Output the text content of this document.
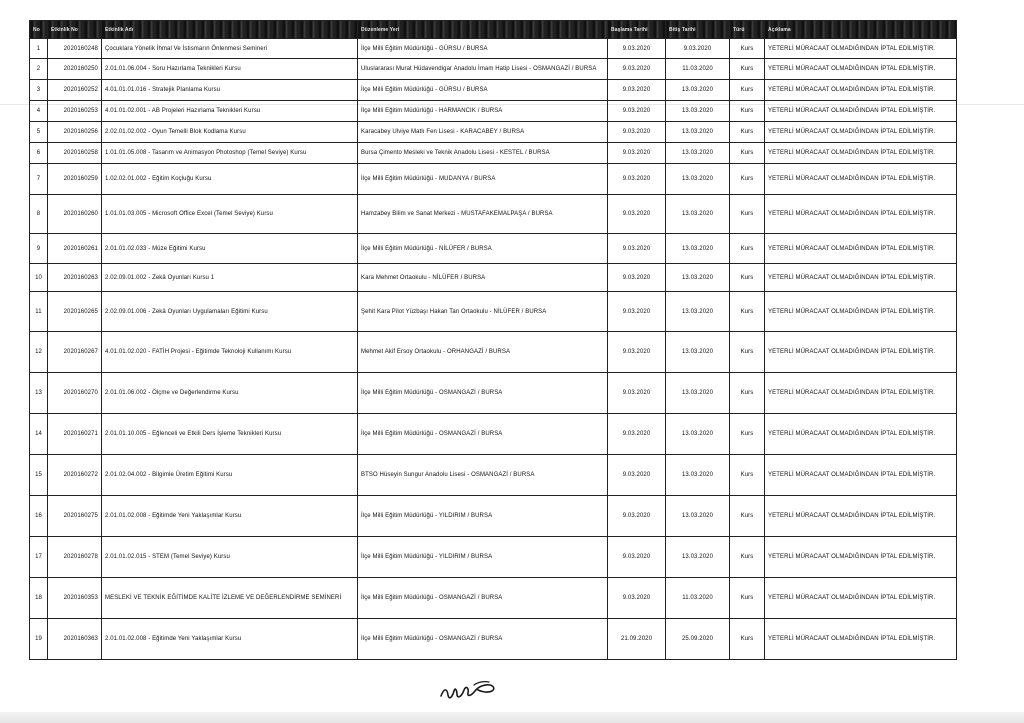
No	Etkinlik No	Etkinlik Adı	Düzenleme Yeri	Başlama Tarihi	Bitiş Tarihi	Türü	Açıklama
1	2020160248	Çocuklara Yönelik İhmal Ve İstismarın Önlenmesi Semineri	İlçe Milli Eğitim Müdürlüğü - GÜRSU / BURSA	9.03.2020	9.03.2020	Kurs	YETERLİ MÜRACAAT OLMADIĞINDAN İPTAL EDİLMİŞTİR.
2	2020160250	2.01.01.06.004 - Soru Hazırlama Teknikleri Kursu	Uluslararası Murat Hüdavendigar Anadolu İmam Hatip Lisesi - OSMANGAZİ / BURSA	9.03.2020	11.03.2020	Kurs	YETERLİ MÜRACAAT OLMADIĞINDAN İPTAL EDİLMİŞTİR.
3	2020160252	4.01.01.01.016 - Stratejik Planlama Kursu	İlçe Milli Eğitim Müdürlüğü - GÜRSU / BURSA	9.03.2020	13.03.2020	Kurs	YETERLİ MÜRACAAT OLMADIĞINDAN İPTAL EDİLMİŞTİR.
4	2020160253	4.01.01.02.001 - AB Projeleri Hazırlama Teknikleri Kursu	İlçe Milli Eğitim Müdürlüğü - HARMANCIK / BURSA	9.03.2020	13.03.2020	Kurs	YETERLİ MÜRACAAT OLMADIĞINDAN İPTAL EDİLMİŞTİR.
5	2020160256	2.02.01.02.002 - Oyun Temelli Blok Kodlama Kursu	Karacabey Ulviye Matlı Fen Lisesi - KARACABEY / BURSA	9.03.2020	13.03.2020	Kurs	YETERLİ MÜRACAAT OLMADIĞINDAN İPTAL EDİLMİŞTİR.
6	2020160258	1.01.01.05.008 - Tasarım ve Animasyon Photoshop (Temel Seviye) Kursu	Bursa Çimento Mesleki ve Teknik Anadolu Lisesi - KESTEL / BURSA	9.03.2020	13.03.2020	Kurs	YETERLİ MÜRACAAT OLMADIĞINDAN İPTAL EDİLMİŞTİR.
7	2020160259	1.02.02.01.002 - Eğitim Koçluğu Kursu	İlçe Milli Eğitim Müdürlüğü - MUDANYA / BURSA	9.03.2020	13.03.2020	Kurs	YETERLİ MÜRACAAT OLMADIĞINDAN İPTAL EDİLMİŞTİR.
8	2020160260	1.01.01.03.005 - Microsoft Office Excel (Temel Seviye) Kursu	Hamzabey Bilim ve Sanat Merkezi - MUSTAFAKEMALPAŞA / BURSA	9.03.2020	13.03.2020	Kurs	YETERLİ MÜRACAAT OLMADIĞINDAN İPTAL EDİLMİŞTİR.
9	2020160261	2.01.01.02.033 - Müze Eğitimi Kursu	İlçe Milli Eğitim Müdürlüğü - NİLÜFER / BURSA	9.03.2020	13.03.2020	Kurs	YETERLİ MÜRACAAT OLMADIĞINDAN İPTAL EDİLMİŞTİR.
10	2020160263	2.02.09.01.002 - Zekâ Oyunları Kursu 1	Kara Mehmet Ortaokulu - NİLÜFER / BURSA	9.03.2020	13.03.2020	Kurs	YETERLİ MÜRACAAT OLMADIĞINDAN İPTAL EDİLMİŞTİR.
11	2020160265	2.02.09.01.006 - Zekâ Oyunları Uygulamaları Eğitimi Kursu	Şehit Kara Pilot Yüzbaşı Hakan Tan Ortaokulu - NİLÜFER / BURSA	9.03.2020	13.03.2020	Kurs	YETERLİ MÜRACAAT OLMADIĞINDAN İPTAL EDİLMİŞTİR.
12	2020160267	4.01.01.02.020 - FATİH Projesi - Eğitimde Teknoloji Kullanımı Kursu	Mehmet Akif Ersoy Ortaokulu - ORHANGAZİ / BURSA	9.03.2020	13.03.2020	Kurs	YETERLİ MÜRACAAT OLMADIĞINDAN İPTAL EDİLMİŞTİR.
13	2020160270	2.01.01.06.002 - Ölçme ve Değerlendirme Kursu	İlçe Milli Eğitim Müdürlüğü - OSMANGAZİ / BURSA	9.03.2020	13.03.2020	Kurs	YETERLİ MÜRACAAT OLMADIĞINDAN İPTAL EDİLMİŞTİR.
14	2020160271	2.01.01.10.005 - Eğlenceli ve Etkili Ders İşleme Teknikleri Kursu	İlçe Milli Eğitim Müdürlüğü - OSMANGAZİ / BURSA	9.03.2020	13.03.2020	Kurs	YETERLİ MÜRACAAT OLMADIĞINDAN İPTAL EDİLMİŞTİR.
15	2020160272	2.01.02.04.002 - Bilgimle Üretim Eğitimi Kursu	BTSO Hüseyin Sungur Anadolu Lisesi - OSMANGAZİ / BURSA	9.03.2020	13.03.2020	Kurs	YETERLİ MÜRACAAT OLMADIĞINDAN İPTAL EDİLMİŞTİR.
16	2020160275	2.01.01.02.008 - Eğitimde Yeni Yaklaşımlar Kursu	İlçe Milli Eğitim Müdürlüğü - YILDIRIM / BURSA	9.03.2020	13.03.2020	Kurs	YETERLİ MÜRACAAT OLMADIĞINDAN İPTAL EDİLMİŞTİR.
17	2020160278	2.01.01.02.015 - STEM (Temel Seviye) Kursu	İlçe Milli Eğitim Müdürlüğü - YILDIRIM / BURSA	9.03.2020	13.03.2020	Kurs	YETERLİ MÜRACAAT OLMADIĞINDAN İPTAL EDİLMİŞTİR.
18	2020160353	MESLEKİ VE TEKNİK EĞİTİMDE KALİTE İZLEME VE DEĞERLENDİRME SEMİNERİ	İlçe Milli Eğitim Müdürlüğü - OSMANGAZİ / BURSA	9.03.2020	11.03.2020	Kurs	YETERLİ MÜRACAAT OLMADIĞINDAN İPTAL EDİLMİŞTİR.
19	2020160363	2.01.01.02.008 - Eğitimde Yeni Yaklaşımlar Kursu	İlçe Milli Eğitim Müdürlüğü - OSMANGAZİ / BURSA	21.09.2020	25.09.2020	Kurs	YETERLİ MÜRACAAT OLMADIĞINDAN İPTAL EDİLMİŞTİR.
